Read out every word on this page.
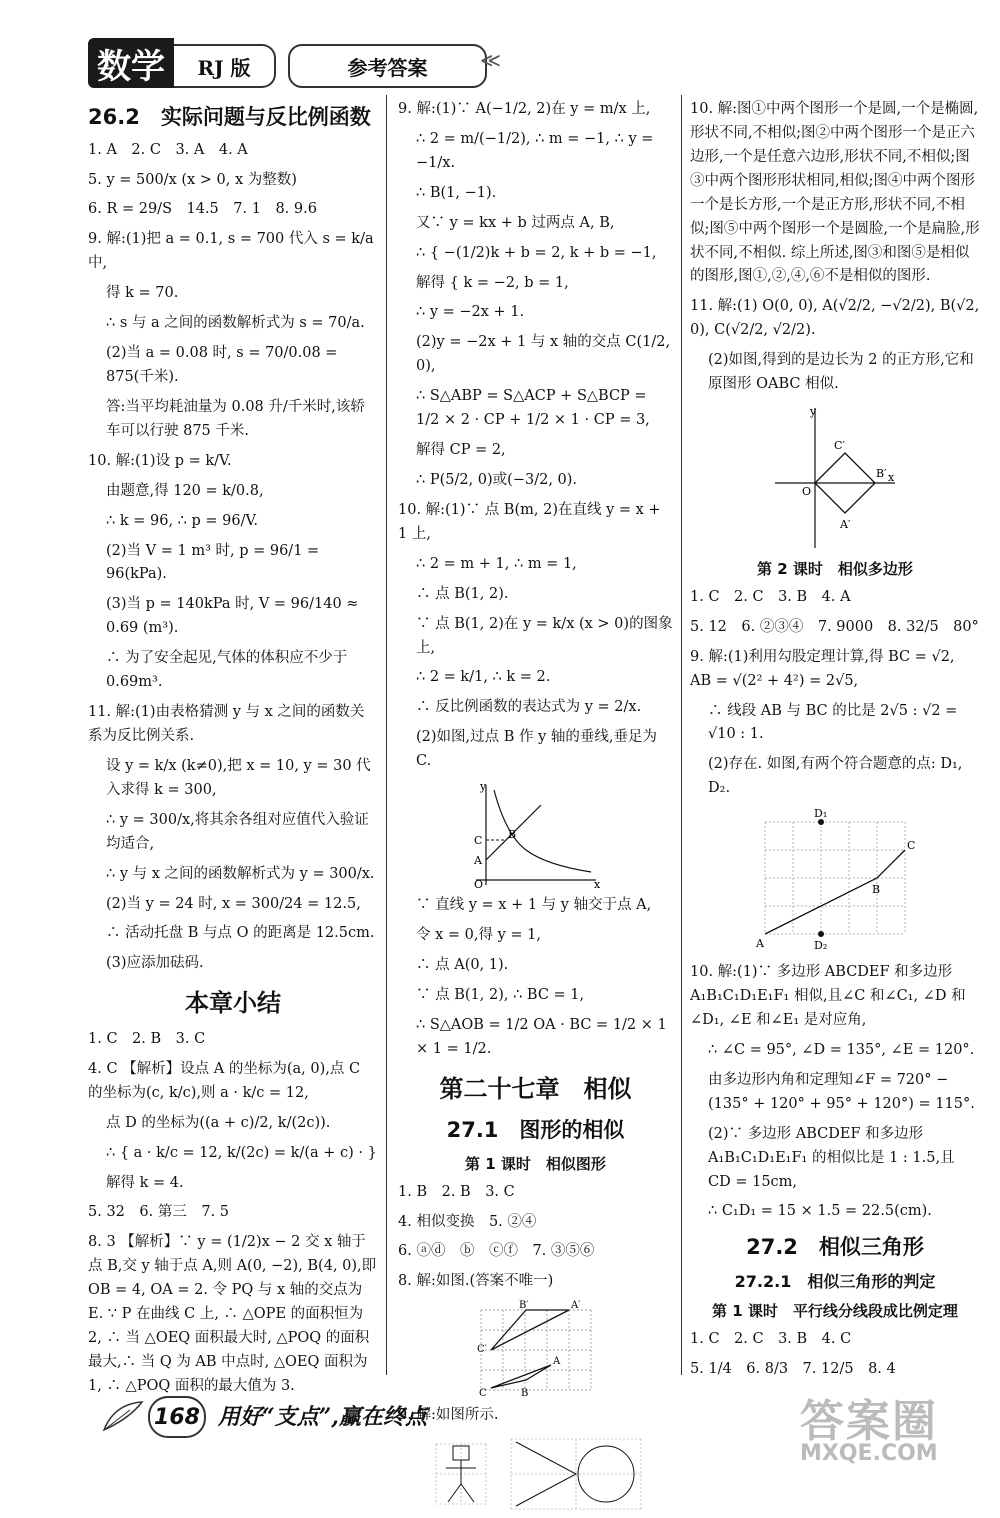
数学	RJ 版	参考答案	≪
26.2　实际问题与反比例函数
1. A　2. C　3. A　4. A
5. y = 500/x (x > 0, x 为整数)
6. R = 29/S　14.5　7. 1　8. 9.6
9. 解:(1)把 a = 0.1, s = 700 代入 s = k/a 中,
得 k = 70.
∴ s 与 a 之间的函数解析式为 s = 70/a.
(2)当 a = 0.08 时, s = 70/0.08 = 875(千米).
答:当平均耗油量为 0.08 升/千米时,该轿车可以行驶 875 千米.
10. 解:(1)设 p = k/V.
由题意,得 120 = k/0.8,
∴ k = 96, ∴ p = 96/V.
(2)当 V = 1 m³ 时, p = 96/1 = 96(kPa).
(3)当 p = 140kPa 时, V = 96/140 ≈ 0.69 (m³).
∴ 为了安全起见,气体的体积应不少于 0.69m³.
11. 解:(1)由表格猜测 y 与 x 之间的函数关系为反比例关系.
设 y = k/x (k≠0),把 x = 10, y = 30 代入求得 k = 300,
∴ y = 300/x,将其余各组对应值代入验证均适合,
∴ y 与 x 之间的函数解析式为 y = 300/x.
(2)当 y = 24 时, x = 300/24 = 12.5,
∴ 活动托盘 B 与点 O 的距离是 12.5cm.
(3)应添加砝码.
本章小结
1. C　2. B　3. C
4. C 【解析】设点 A 的坐标为(a, 0),点 C 的坐标为(c, k/c),则 a · k/c = 12,
点 D 的坐标为((a + c)/2, k/(2c)).
∴ { a · k/c = 12, k/(2c) = k/(a + c) · }
解得 k = 4.
5. 32　6. 第三　7. 5
8. 3 【解析】∵ y = (1/2)x − 2 交 x 轴于点 B,交 y 轴于点 A,则 A(0, −2), B(4, 0),即 OB = 4, OA = 2. 令 PQ 与 x 轴的交点为 E. ∵ P 在曲线 C 上, ∴ △OPE 的面积恒为 2, ∴ 当 △OEQ 面积最大时, △POQ 的面积最大,∴ 当 Q 为 AB 中点时, △OEQ 面积为 1, ∴ △POQ 面积的最大值为 3.
9. 解:(1)∵ A(−1/2, 2)在 y = m/x 上,
∴ 2 = m/(−1/2), ∴ m = −1, ∴ y = −1/x.
∴ B(1, −1).
又∵ y = kx + b 过两点 A, B,
∴ { −(1/2)k + b = 2, k + b = −1,
解得 { k = −2, b = 1,
∴ y = −2x + 1.
(2)y = −2x + 1 与 x 轴的交点 C(1/2, 0),
∴ S△ABP = S△ACP + S△BCP = 1/2 × 2 · CP + 1/2 × 1 · CP = 3,
解得 CP = 2,
∴ P(5/2, 0)或(−3/2, 0).
10. 解:(1)∵ 点 B(m, 2)在直线 y = x + 1 上,
∴ 2 = m + 1, ∴ m = 1,
∴ 点 B(1, 2).
∵ 点 B(1, 2)在 y = k/x (x > 0)的图象上,
∴ 2 = k/1, ∴ k = 2.
∴ 反比例函数的表达式为 y = 2/x.
(2)如图,过点 B 作 y 轴的垂线,垂足为 C.
y
x
O
A
B
C
∵ 直线 y = x + 1 与 y 轴交于点 A,
令 x = 0,得 y = 1,
∴ 点 A(0, 1).
∵ 点 B(1, 2), ∴ BC = 1,
∴ S△AOB = 1/2 OA · BC = 1/2 × 1 × 1 = 1/2.
第二十七章　相似
27.1　图形的相似
第 1 课时　相似图形
1. B　2. B　3. C
4. 相似变换　5. ②④
6. ⓐⓓ　ⓑ　ⓒⓕ　7. ③⑤⑥
8. 解:如图.(答案不唯一)
C′
B′	A′
C	B
A
9. 解:如图所示.
10. 解:图①中两个图形一个是圆,一个是椭圆,形状不同,不相似;图②中两个图形一个是正六边形,一个是任意六边形,形状不同,不相似;图③中两个图形形状相同,相似;图④中两个图形一个是长方形,一个是正方形,形状不同,不相似;图⑤中两个图形一个是圆脸,一个是扁脸,形状不同,不相似. 综上所述,图③和图⑤是相似的图形,图①,②,④,⑥不是相似的图形.
11. 解:(1) O(0, 0), A(√2/2, −√2/2), B(√2, 0), C(√2/2, √2/2).
(2)如图,得到的是边长为 2 的正方形,它和原图形 OABC 相似.
y
x
O
A′
B′
C′
第 2 课时　相似多边形
1. C　2. C　3. B　4. A
5. 12　6. ②③④　7. 9000　8. 32/5　80°
9. 解:(1)利用勾股定理计算,得 BC = √2, AB = √(2² + 4²) = 2√5,
∴ 线段 AB 与 BC 的比是 2√5 : √2 = √10 : 1.
(2)存在. 如图,有两个符合题意的点: D₁, D₂.
D₁
D₂
A
B
C
10. 解:(1)∵ 多边形 ABCDEF 和多边形 A₁B₁C₁D₁E₁F₁ 相似,且∠C 和∠C₁, ∠D 和∠D₁, ∠E 和∠E₁ 是对应角,
∴ ∠C = 95°, ∠D = 135°, ∠E = 120°.
由多边形内角和定理知∠F = 720° − (135° + 120° + 95° + 120°) = 115°.
(2)∵ 多边形 ABCDEF 和多边形 A₁B₁C₁D₁E₁F₁ 的相似比是 1 : 1.5,且 CD = 15cm,
∴ C₁D₁ = 15 × 1.5 = 22.5(cm).
27.2　相似三角形
27.2.1　相似三角形的判定
第 1 课时　平行线分线段成比例定理
1. C　2. C　3. B　4. C
5. 1/4　6. 8/3　7. 12/5　8. 4
168 用好“支点”,赢在终点	答案圈
MXQE.COM
